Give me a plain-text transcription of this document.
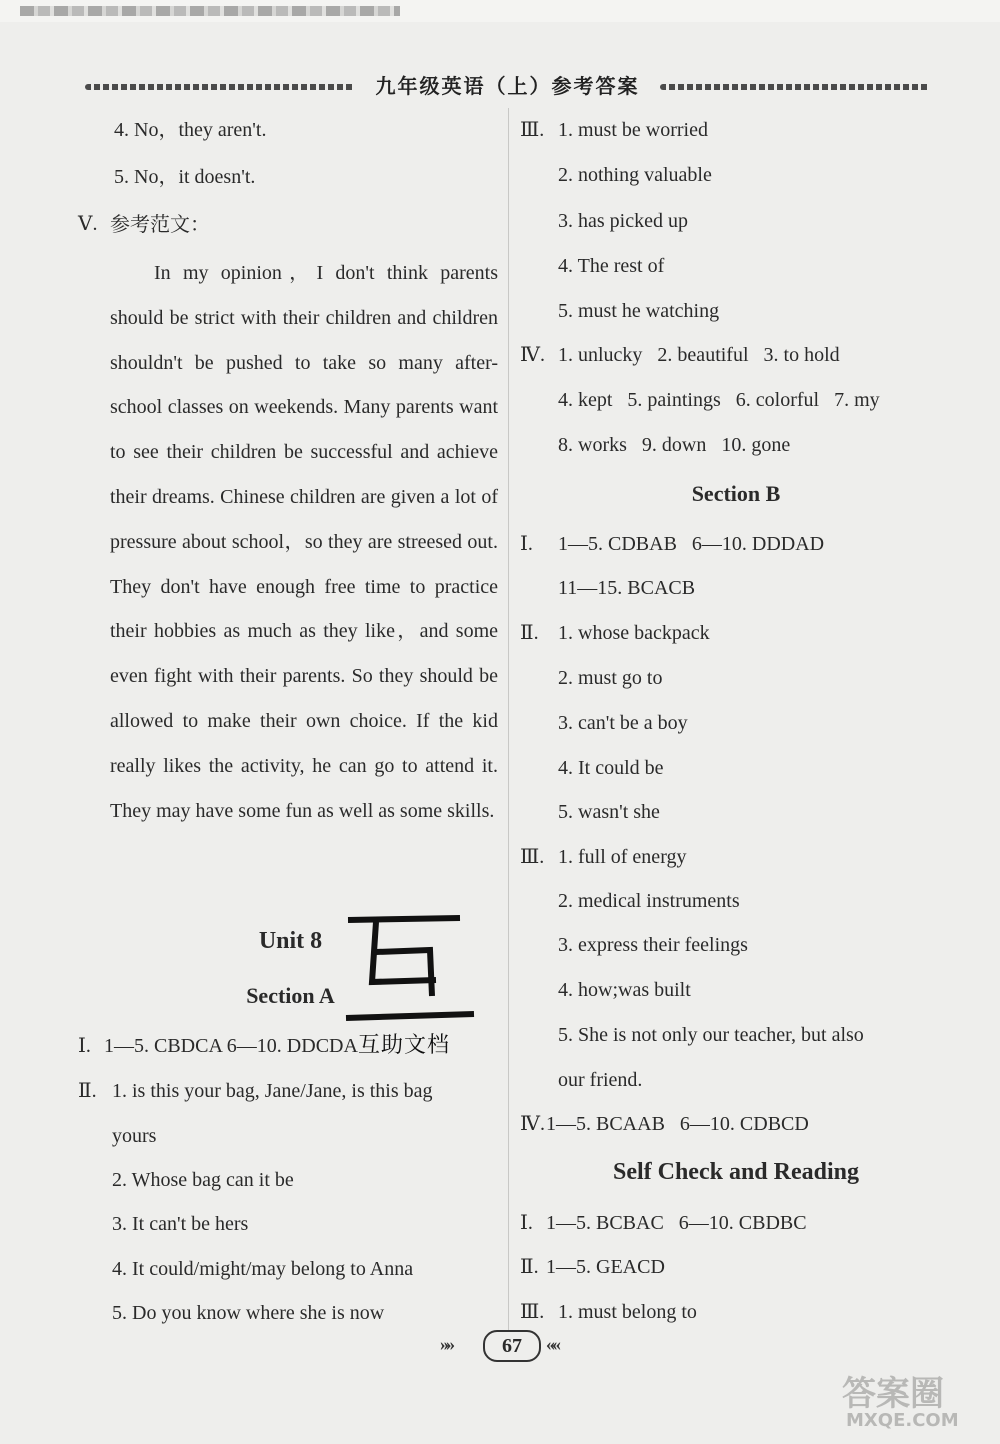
九年级英语（上）参考答案
4. No，they aren't.
5. No，it doesn't.
Ⅴ. 参考范文：
In my opinion，I don't think parents should be strict with their children and children shouldn't be pushed to take so many after-school classes on weekends. Many parents want to see their children be successful and achieve their dreams. Chinese children are given a lot of pressure about school，so they are streesed out. They don't have enough free time to practice their hobbies as much as they like，and some even fight with their parents. So they should be allowed to make their own choice. If the kid really likes the activity, he can go to attend it. They may have some fun as well as some skills.
Unit 8
Section A
Ⅰ. 1—5. CBDCA 6—10. DDCDA
Ⅱ. 1. is this your bag, Jane/Jane, is this bag
yours
2. Whose bag can it be
3. It can't be hers
4. It could/might/may belong to Anna
5. Do you know where she is now
Ⅲ. 1. must be worried
2. nothing valuable
3. has picked up
4. The rest of
5. must he watching
Ⅳ. 1. unlucky   2. beautiful   3. to hold
4. kept   5. paintings   6. colorful   7. my
8. works   9. down   10. gone
Section B
Ⅰ. 1—5. CDBAB   6—10. DDDAD
11—15. BCACB
Ⅱ. 1. whose backpack
2. must go to
3. can't be a boy
4. It could be
5. wasn't she
Ⅲ. 1. full of energy
2. medical instruments
3. express their feelings
4. how;was built
5. She is not only our teacher, but also
our friend.
Ⅳ. 1—5. BCAAB   6—10. CDBCD
Self Check and Reading
Ⅰ. 1—5. BCBAC   6—10. CBDBC
Ⅱ. 1—5. GEACD
Ⅲ. 1. must belong to
互助文档
»»	67	««
答案圈
MXQE.COM
